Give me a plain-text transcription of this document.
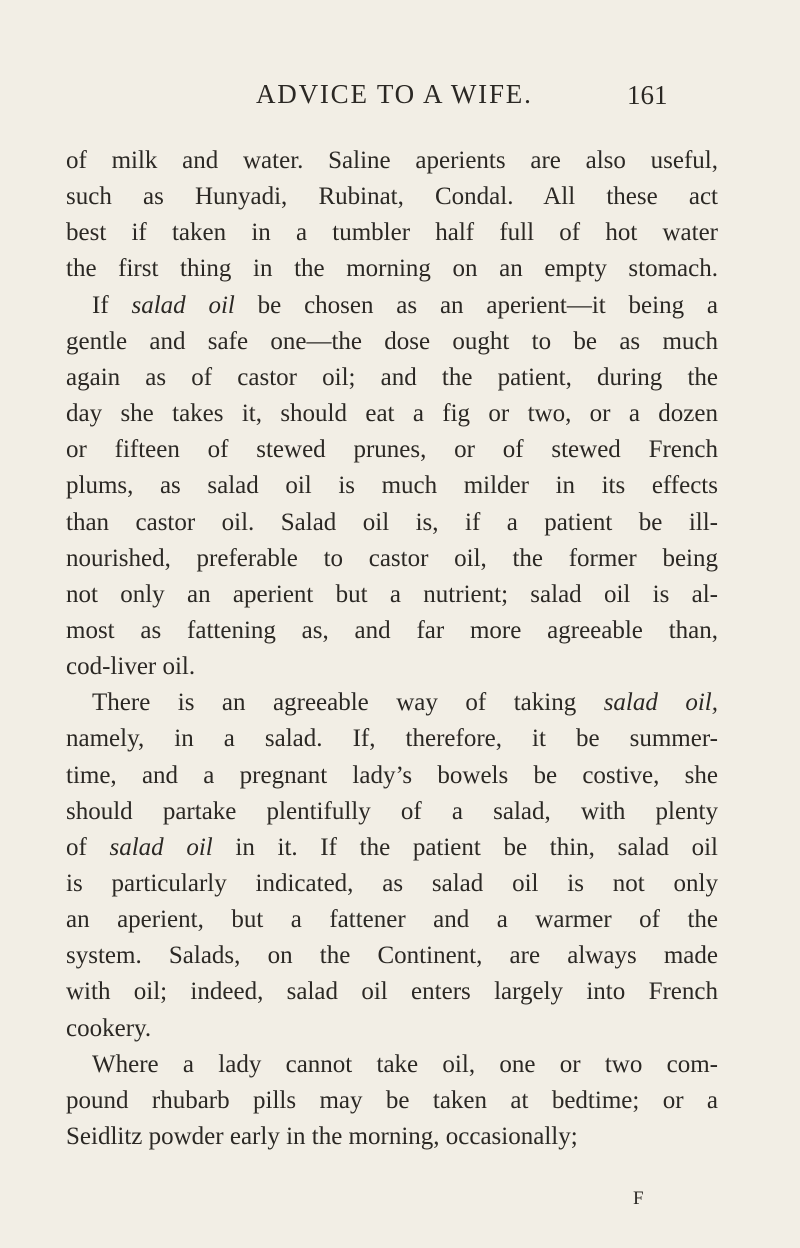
ADVICE TO A WIFE.	161
of milk and water. Saline aperients are also useful,
such as Hunyadi, Rubinat, Condal. All these act
best if taken in a tumbler half full of hot water
the first thing in the morning on an empty stomach.
If salad oil be chosen as an aperient—it being a
gentle and safe one—the dose ought to be as much
again as of castor oil; and the patient, during the
day she takes it, should eat a fig or two, or a dozen
or fifteen of stewed prunes, or of stewed French
plums, as salad oil is much milder in its effects
than castor oil. Salad oil is, if a patient be ill-
nourished, preferable to castor oil, the former being
not only an aperient but a nutrient; salad oil is al-
most as fattening as, and far more agreeable than,
cod-liver oil.
There is an agreeable way of taking salad oil,
namely, in a salad. If, therefore, it be summer-
time, and a pregnant lady’s bowels be costive, she
should partake plentifully of a salad, with plenty
of salad oil in it. If the patient be thin, salad oil
is particularly indicated, as salad oil is not only
an aperient, but a fattener and a warmer of the
system. Salads, on the Continent, are always made
with oil; indeed, salad oil enters largely into French
cookery.
Where a lady cannot take oil, one or two com-
pound rhubarb pills may be taken at bedtime; or a
Seidlitz powder early in the morning, occasionally;
F
